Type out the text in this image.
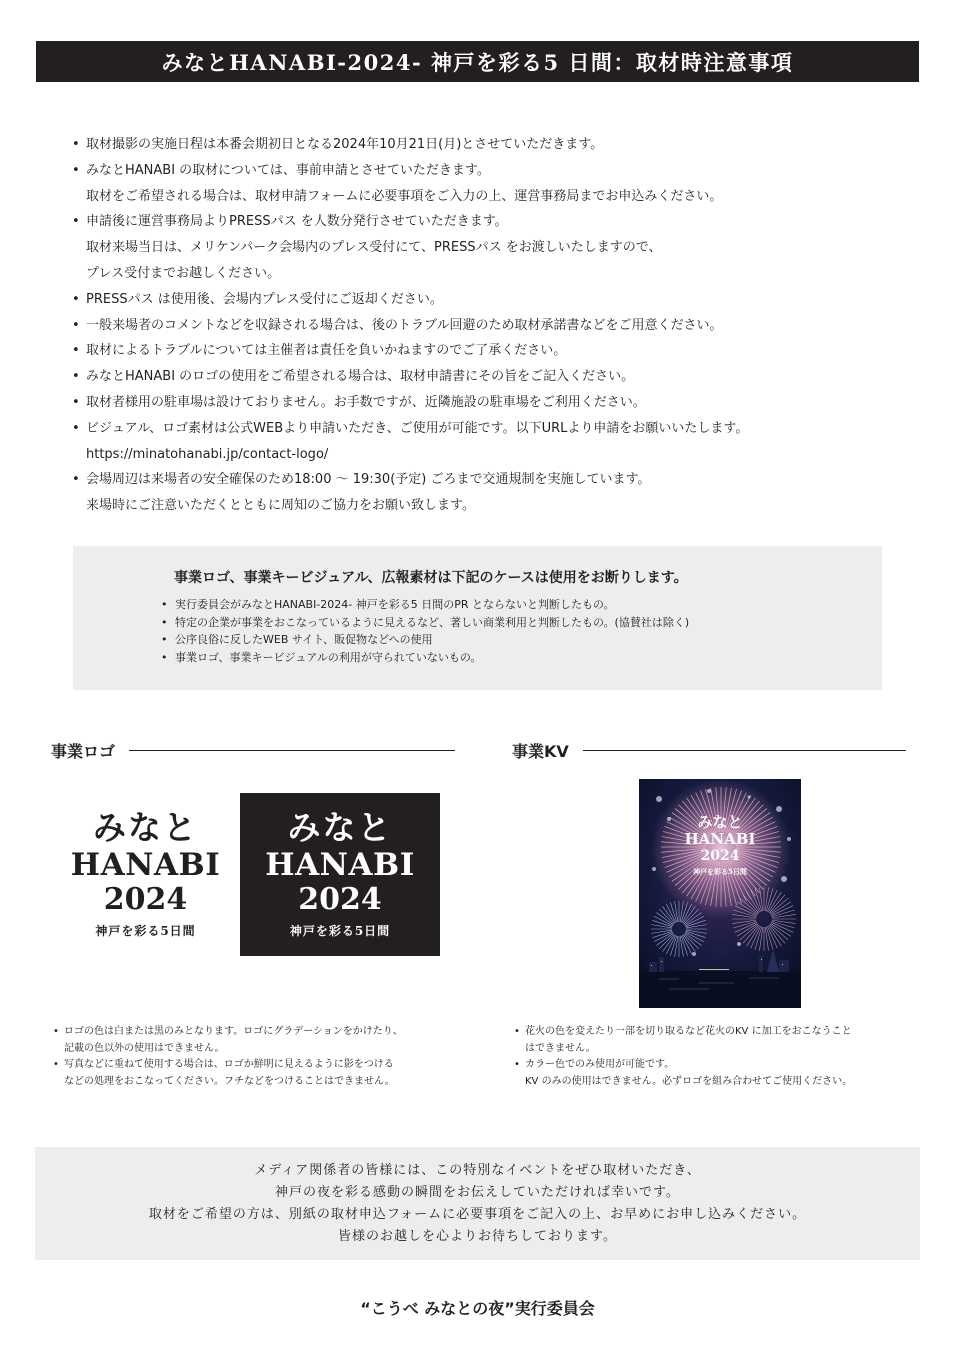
みなとHANABI-2024- 神戸を彩る5 日間：取材時注意事項
• 取材撮影の実施日程は本番会期初日となる2024年10月21日(月)とさせていただきます。
• みなとHANABI の取材については、事前申請とさせていただきます。
取材をご希望される場合は、取材申請フォームに必要事項をご入力の上、運営事務局までお申込みください。
• 申請後に運営事務局よりPRESSパス を人数分発行させていただきます。
取材来場当日は、メリケンパーク会場内のプレス受付にて、PRESSパス をお渡しいたしますので、
プレス受付までお越しください。
• PRESSパス は使用後、会場内プレス受付にご返却ください。
• 一般来場者のコメントなどを収録される場合は、後のトラブル回避のため取材承諾書などをご用意ください。
• 取材によるトラブルについては主催者は責任を負いかねますのでご了承ください。
• みなとHANABI のロゴの使用をご希望される場合は、取材申請書にその旨をご記入ください。
• 取材者様用の駐車場は設けておりません。お手数ですが、近隣施設の駐車場をご利用ください。
• ビジュアル、ロゴ素材は公式WEBより申請いただき、ご使用が可能です。以下URLより申請をお願いいたします。
https://minatohanabi.jp/contact-logo/
• 会場周辺は来場者の安全確保のため18:00 ～ 19:30(予定) ごろまで交通規制を実施しています。
来場時にご注意いただくとともに周知のご協力をお願い致します。
事業ロゴ、事業キービジュアル、広報素材は下記のケースは使用をお断りします。
• 実行委員会がみなとHANABI-2024- 神戸を彩る5 日間のPR とならないと判断したもの。
• 特定の企業が事業をおこなっているように見えるなど、著しい商業利用と判断したもの。(協賛社は除く)
• 公序良俗に反したWEB サイト、販促物などへの使用
• 事業ロゴ、事業キービジュアルの利用が守られていないもの。
事業ロゴ	事業KV
みなと
HANABI
2024
神戸を彩る5日間
みなと
HANABI
2024
神戸を彩る5日間
みなと
HANABI
2024
神戸を彩る5日間
• ロゴの色は白または黒のみとなります。ロゴにグラデーションをかけたり、
記載の色以外の使用はできません。
• 写真などに重ねて使用する場合は、ロゴか鮮明に見えるように影をつける
などの処理をおこなってください。フチなどをつけることはできません。
• 花火の色を変えたり一部を切り取るなど花火のKV に加工をおこなうこと
はできません。
• カラー色でのみ使用が可能です。
KV のみの使用はできません。必ずロゴを組み合わせてご使用ください。
メディア関係者の皆様には、この特別なイベントをぜひ取材いただき、
神戸の夜を彩る感動の瞬間をお伝えしていただければ幸いです。
取材をご希望の方は、別紙の取材申込フォームに必要事項をご記入の上、お早めにお申し込みください。
皆様のお越しを心よりお待ちしております。
“こうべ みなとの夜”実行委員会
